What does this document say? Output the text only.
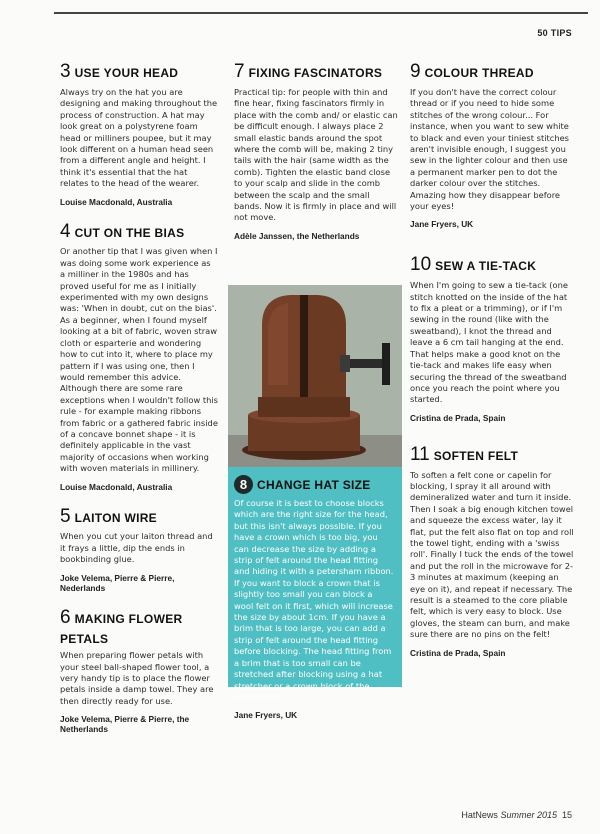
50 TIPS
3 USE YOUR HEAD

Always try on the hat you are designing and making throughout the process of construction. A hat may look great on a polystyrene foam head or milliners poupee, but it may look different on a human head seen from a different angle and height. I think it's essential that the hat relates to the head of the wearer.

Louise Macdonald, Australia

4 CUT ON THE BIAS

Or another tip that I was given when I was doing some work experience as a milliner in the 1980s and has proved useful for me as I initially experimented with my own designs was: 'When in doubt, cut on the bias'. As a beginner, when I found myself looking at a bit of fabric, woven straw cloth or esparterie and wondering how to cut into it, where to place my pattern if I was using one, then I would remember this advice. Although there are some rare exceptions when I wouldn't follow this rule - for example making ribbons from fabric or a gathered fabric inside of a concave bonnet shape - it is definitely applicable in the vast majority of occasions when working with woven materials in millinery.

Louise Macdonald, Australia

5 LAITON WIRE

When you cut your laiton thread and it frays a little, dip the ends in bookbinding glue.

Joke Velema, Pierre & Pierre, Nederlands

6 MAKING FLOWER PETALS

When preparing flower petals with your steel ball-shaped flower tool, a very handy tip is to place the flower petals inside a damp towel. They are then directly ready for use.

Joke Velema, Pierre & Pierre, the Netherlands

7 FIXING FASCINATORS

Practical tip: for people with thin and fine hear, fixing fascinators firmly in place with the comb and/ or elastic can be difficult enough. I always place 2 small elastic bands around the spot where the comb will be, making 2 tiny tails with the hair (same width as the comb). Tighten the elastic band close to your scalp and slide in the comb between the scalp and the small bands. Now it is firmly in place and will not move.

Adèle Janssen, the Netherlands

8 CHANGE HAT SIZE

Of course it is best to choose blocks which are the right size for the head, but this isn't always possible. If you have a crown which is too big, you can decrease the size by adding a strip of felt around the head fitting and hiding it with a petersham ribbon. If you want to block a crown that is slightly too small you can block a wool felt on it first, which will increase the size by about 1cm. If you have a brim that is too large, you can add a strip of felt around the head fitting before blocking. The head fitting from a brim that is too small can be stretched after blocking using a hat stretcher or a crown block of the correct size.

Jane Fryers, UK

9 COLOUR THREAD

If you don't have the correct colour thread or if you need to hide some stitches of the wrong colour... For instance, when you want to sew white to black and even your tiniest stitches aren't invisible enough, I suggest you sew in the lighter colour and then use a permanent marker pen to dot the darker colour over the stitches. Amazing how they disappear before your eyes!

Jane Fryers, UK

10 SEW A TIE-TACK

When I'm going to sew a tie-tack (one stitch knotted on the inside of the hat to fix a pleat or a trimming), or if I'm sewing in the round (like with the sweatband), I knot the thread and leave a 6 cm tail hanging at the end. That helps make a good knot on the tie-tack and makes life easy when securing the thread of the sweatband once you reach the point where you started.

Cristina de Prada, Spain

11 SOFTEN FELT

To soften a felt cone or capelin for blocking, I spray it all around with demineralized water and turn it inside. Then I soak a big enough kitchen towel and squeeze the excess water, lay it flat, put the felt also flat on top and roll the towel tight, ending with a 'swiss roll'. Finally I tuck the ends of the towel and put the roll in the microwave for 2-3 minutes at maximum (keeping an eye on it), and repeat if necessary. The result is a steamed to the core pliable felt, which is very easy to block. Use gloves, the steam can burn, and make sure there are no pins on the felt!

Cristina de Prada, Spain

HatNews Summer 2015 15
